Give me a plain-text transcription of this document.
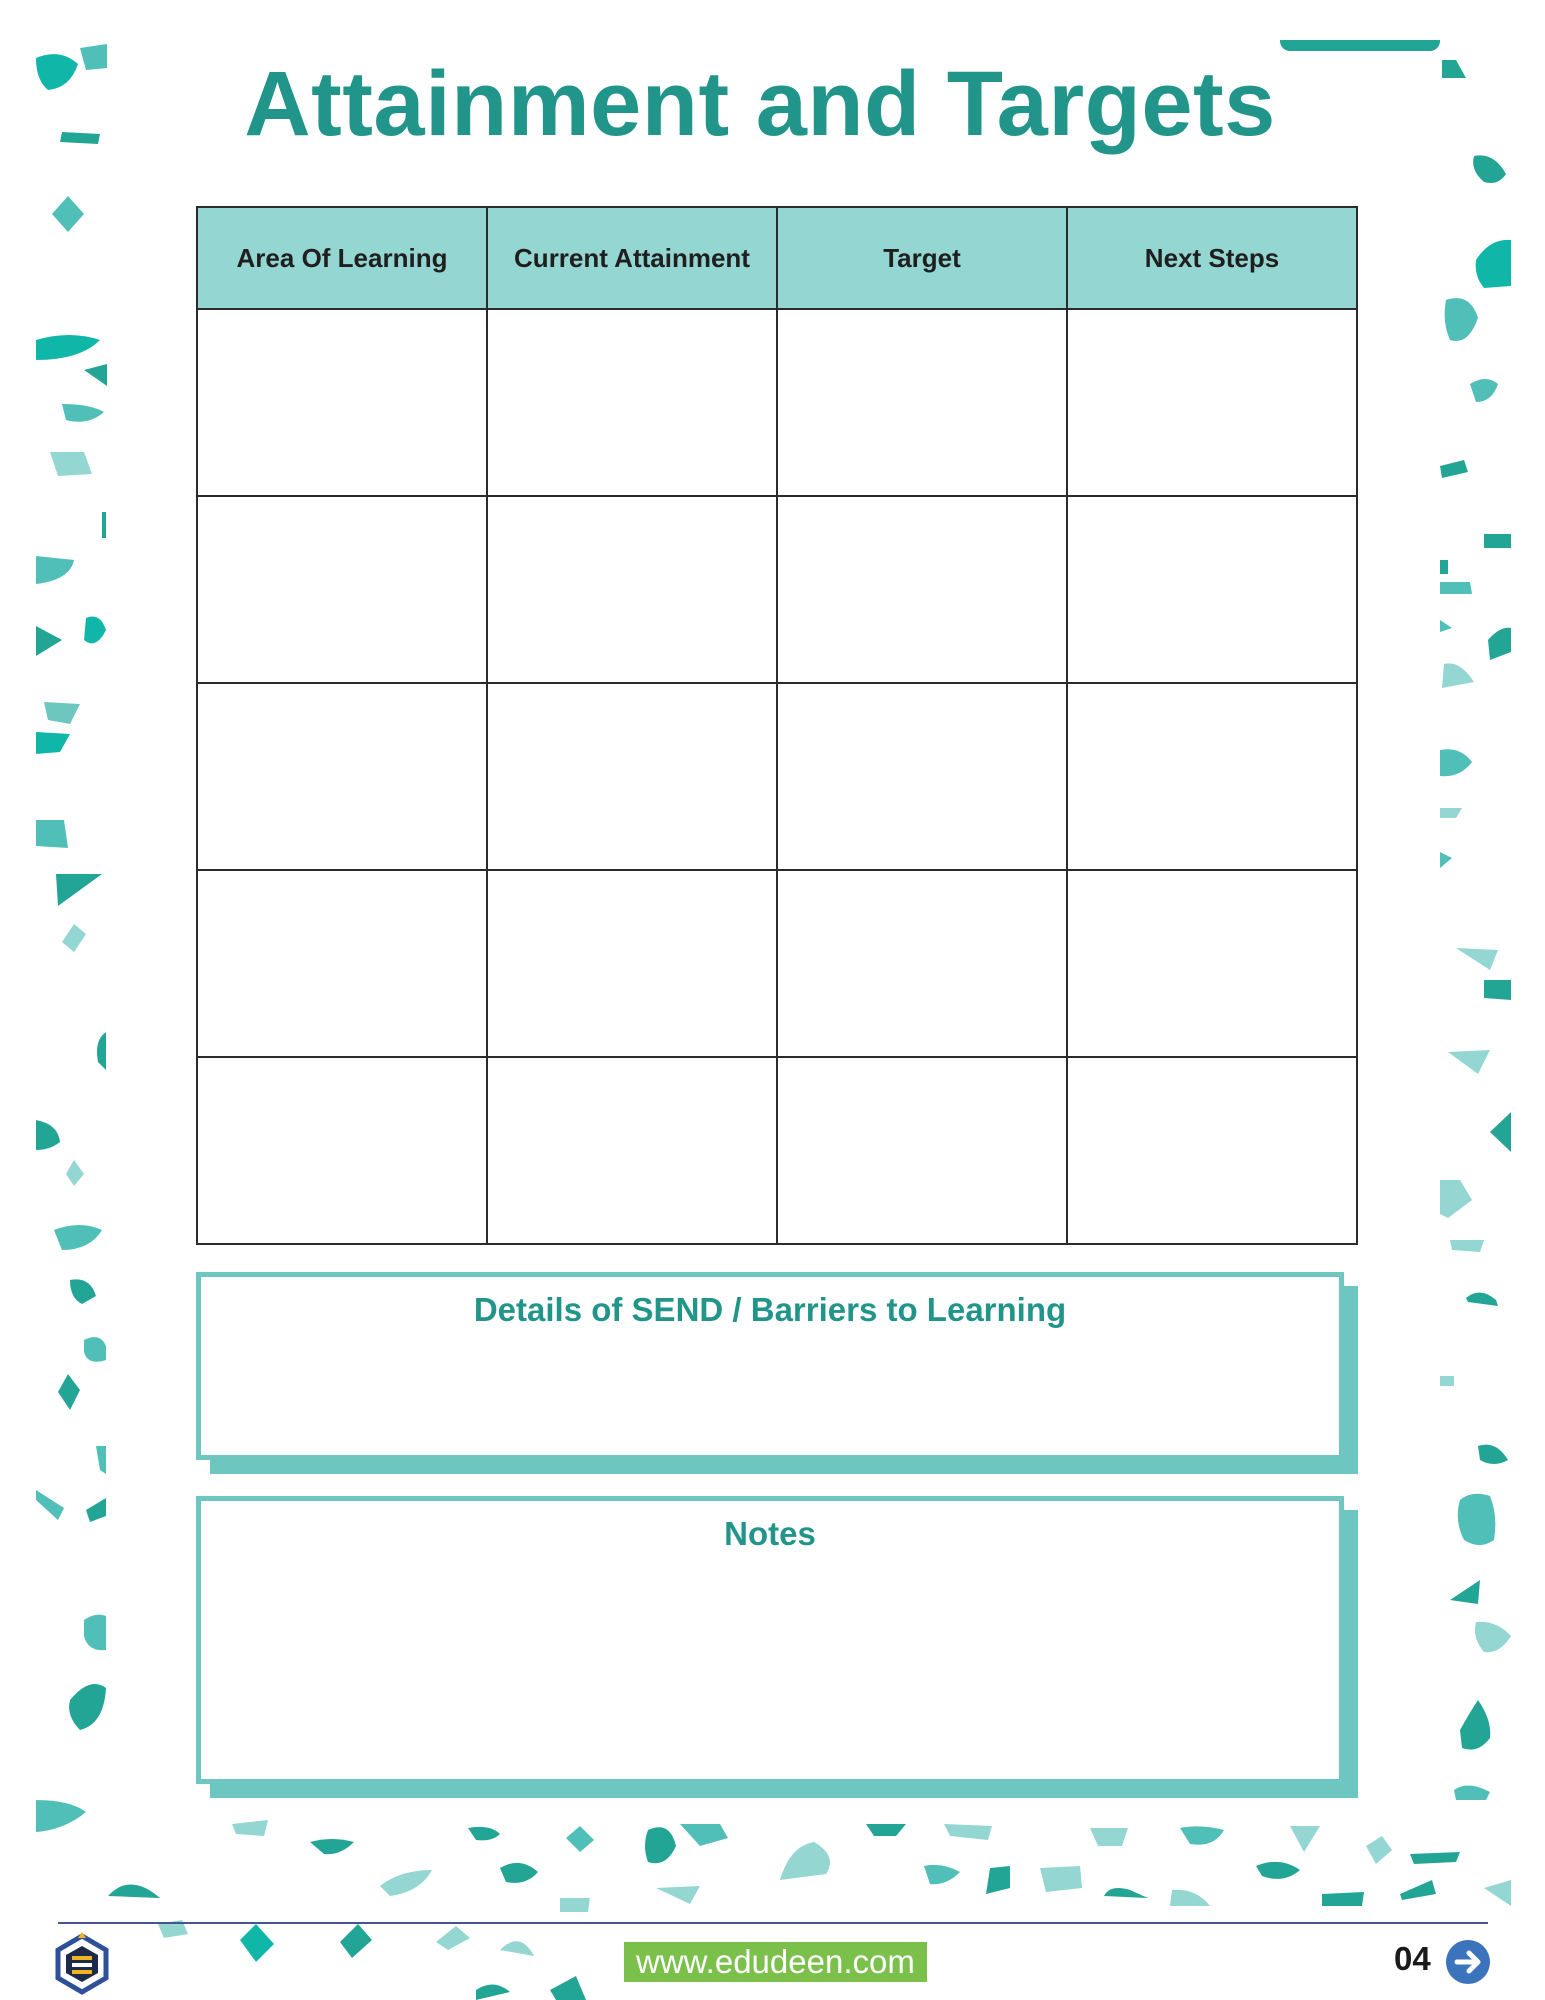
Attainment and Targets
Area Of Learning	Current Attainment	Target	Next Steps

Details of SEND / Barriers to Learning
Notes
www.edudeen.com	04
